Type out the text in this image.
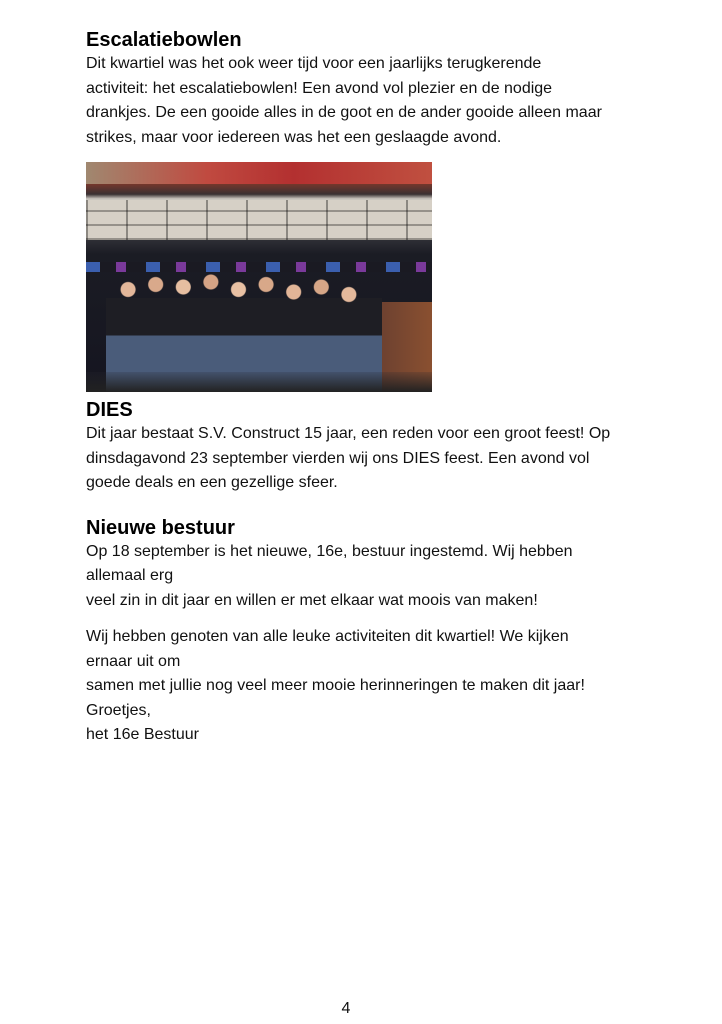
Escalatiebowlen

Dit kwartiel was het ook weer tijd voor een jaarlijks terugkerende
activiteit: het escalatiebowlen! Een avond vol plezier en de nodige
drankjes. De een gooide alles in de goot en de ander gooide alleen maar
strikes, maar voor iedereen was het een geslaagde avond.

DIES

Dit jaar bestaat S.V. Construct 15 jaar, een reden voor een groot feest! Op
dinsdagavond 23 september vierden wij ons DIES feest. Een avond vol
goede deals en een gezellige sfeer.

Nieuwe bestuur

Op 18 september is het nieuwe, 16e, bestuur ingestemd. Wij hebben
allemaal erg
veel zin in dit jaar en willen er met elkaar wat moois van maken!

Wij hebben genoten van alle leuke activiteiten dit kwartiel! We kijken
ernaar uit om
samen met jullie nog veel meer mooie herinneringen te maken dit jaar!
Groetjes,
het 16e Bestuur

4
